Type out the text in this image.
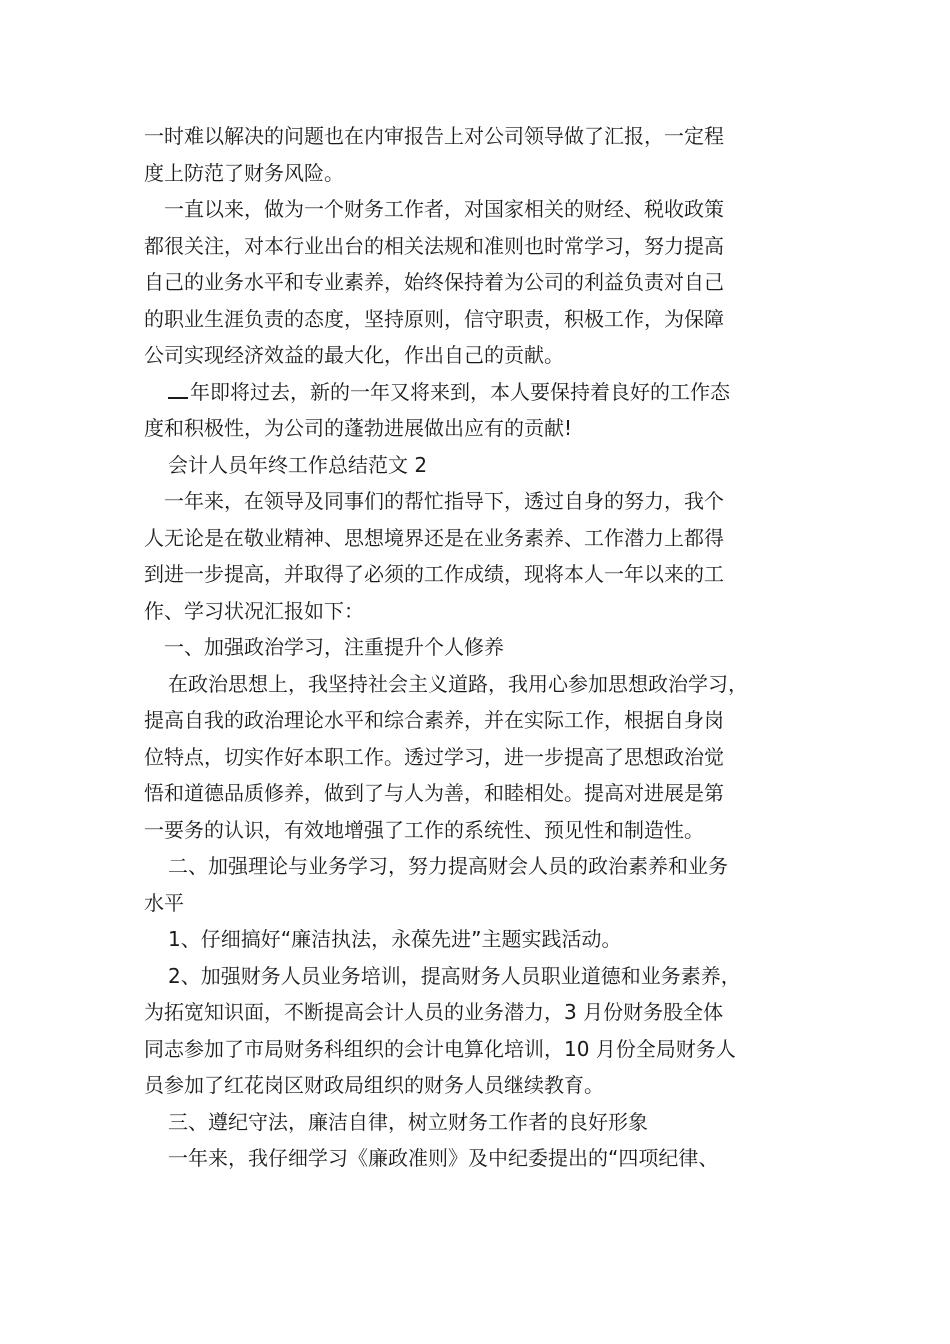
一时难以解决的问题也在内审报告上对公司领导做了汇报，一定程
度上防范了财务风险。
一直以来，做为一个财务工作者，对国家相关的财经、税收政策
都很关注，对本行业出台的相关法规和准则也时常学习，努力提高
自己的业务水平和专业素养，始终保持着为公司的利益负责对自己
的职业生涯负责的态度，坚持原则，信守职责，积极工作，为保障
公司实现经济效益的最大化，作出自己的贡献。
年即将过去，新的一年又将来到，本人要保持着良好的工作态
度和积极性，为公司的蓬勃进展做出应有的贡献!
会计人员年终工作总结范文 2
一年来，在领导及同事们的帮忙指导下，透过自身的努力，我个
人无论是在敬业精神、思想境界还是在业务素养、工作潜力上都得
到进一步提高，并取得了必须的工作成绩，现将本人一年以来的工
作、学习状况汇报如下：
一、加强政治学习，注重提升个人修养
在政治思想上，我坚持社会主义道路，我用心参加思想政治学习，
提高自我的政治理论水平和综合素养，并在实际工作，根据自身岗
位特点，切实作好本职工作。透过学习，进一步提高了思想政治觉
悟和道德品质修养，做到了与人为善，和睦相处。提高对进展是第
一要务的认识，有效地增强了工作的系统性、预见性和制造性。
二、加强理论与业务学习，努力提高财会人员的政治素养和业务
水平
1、仔细搞好“廉洁执法，永葆先进”主题实践活动。
2、加强财务人员业务培训，提高财务人员职业道德和业务素养，
为拓宽知识面，不断提高会计人员的业务潜力，3 月份财务股全体
同志参加了市局财务科组织的会计电算化培训，10 月份全局财务人
员参加了红花岗区财政局组织的财务人员继续教育。
三、遵纪守法，廉洁自律，树立财务工作者的良好形象
一年来，我仔细学习《廉政准则》及中纪委提出的“四项纪律、
